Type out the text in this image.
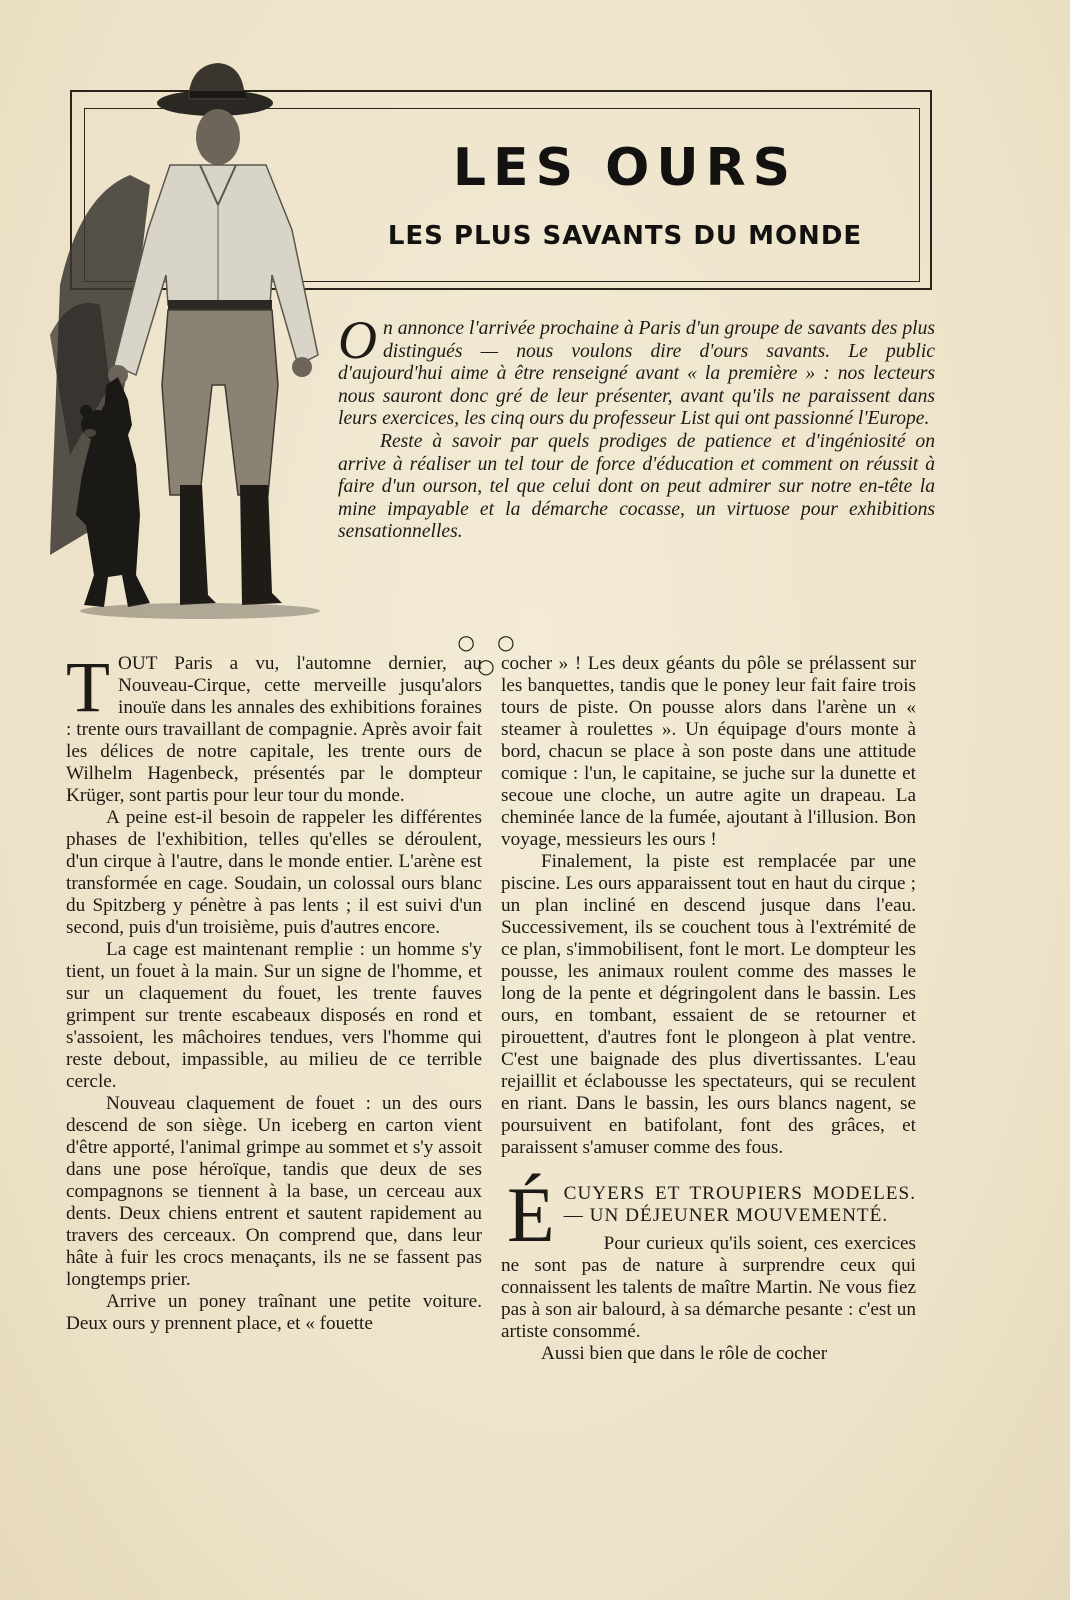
LES OURS
LES PLUS SAVANTS DU MONDE

On annonce l'arrivée prochaine à Paris d'un groupe de savants des plus distingués — nous voulons dire d'ours savants. Le public d'aujourd'hui aime à être renseigné avant « la première » : nos lecteurs nous sauront donc gré de leur présenter, avant qu'ils ne paraissent dans leurs exercices, les cinq ours du professeur List qui ont passionné l'Europe.

Reste à savoir par quels prodiges de patience et d'ingéniosité on arrive à réaliser un tel tour de force d'éducation et comment on réussit à faire d'un ourson, tel que celui dont on peut admirer sur notre en-tête la mine impayable et la démarche cocasse, un virtuose pour exhibitions sensationnelles.

○ ○ ○

TOUT Paris a vu, l'automne dernier, au Nouveau-Cirque, cette merveille jusqu'alors inouïe dans les annales des exhibitions foraines : trente ours travaillant de compagnie. Après avoir fait les délices de notre capitale, les trente ours de Wilhelm Hagenbeck, présentés par le dompteur Krüger, sont partis pour leur tour du monde.

A peine est-il besoin de rappeler les différentes phases de l'exhibition, telles qu'elles se déroulent, d'un cirque à l'autre, dans le monde entier. L'arène est transformée en cage. Soudain, un colossal ours blanc du Spitzberg y pénètre à pas lents ; il est suivi d'un second, puis d'un troisième, puis d'autres encore.

La cage est maintenant remplie : un homme s'y tient, un fouet à la main. Sur un signe de l'homme, et sur un claquement du fouet, les trente fauves grimpent sur trente escabeaux disposés en rond et s'assoient, les mâchoires tendues, vers l'homme qui reste debout, impassible, au milieu de ce terrible cercle.

Nouveau claquement de fouet : un des ours descend de son siège. Un iceberg en carton vient d'être apporté, l'animal grimpe au sommet et s'y assoit dans une pose héroïque, tandis que deux de ses compagnons se tiennent à la base, un cerceau aux dents. Deux chiens entrent et sautent rapidement au travers des cerceaux. On comprend que, dans leur hâte à fuir les crocs menaçants, ils ne se fassent pas longtemps prier.

Arrive un poney traînant une petite voiture. Deux ours y prennent place, et « fouette

cocher » ! Les deux géants du pôle se prélassent sur les banquettes, tandis que le poney leur fait faire trois tours de piste. On pousse alors dans l'arène un « steamer à roulettes ». Un équipage d'ours monte à bord, chacun se place à son poste dans une attitude comique : l'un, le capitaine, se juche sur la dunette et secoue une cloche, un autre agite un drapeau. La cheminée lance de la fumée, ajoutant à l'illusion. Bon voyage, messieurs les ours !

Finalement, la piste est remplacée par une piscine. Les ours apparaissent tout en haut du cirque ; un plan incliné en descend jusque dans l'eau. Successivement, ils se couchent tous à l'extrémité de ce plan, s'immobilisent, font le mort. Le dompteur les pousse, les animaux roulent comme des masses le long de la pente et dégringolent dans le bassin. Les ours, en tombant, essaient de se retourner et pirouettent, d'autres font le plongeon à plat ventre. C'est une baignade des plus divertissantes. L'eau rejaillit et éclabousse les spectateurs, qui se reculent en riant. Dans le bassin, les ours blancs nagent, se poursuivent en batifolant, font des grâces, et paraissent s'amuser comme des fous.

É CUYERS ET TROUPIERS MODELES. — UN DÉJEUNER MOUVEMENTÉ.

Pour curieux qu'ils soient, ces exercices ne sont pas de nature à surprendre ceux qui connaissent les talents de maître Martin. Ne vous fiez pas à son air balourd, à sa démarche pesante : c'est un artiste consommé.

Aussi bien que dans le rôle de cocher
